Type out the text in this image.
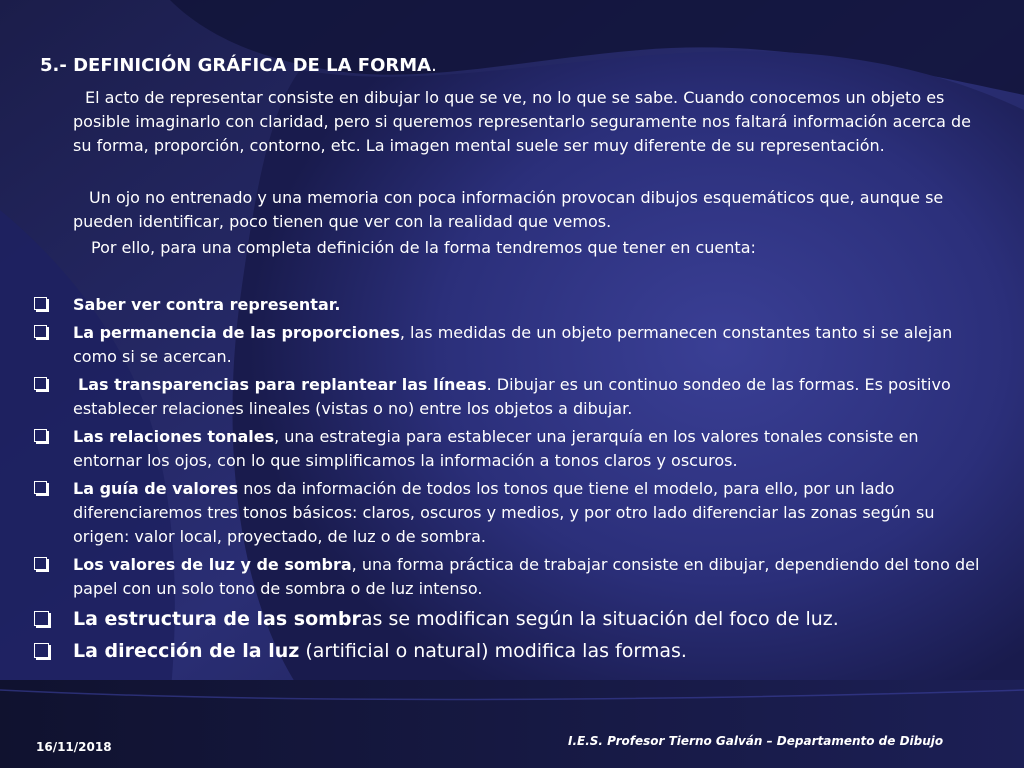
5.- DEFINICIÓN GRÁFICA DE LA FORMA.
El acto de representar consiste en dibujar lo que se ve, no lo que se sabe. Cuando conocemos un objeto es posible imaginarlo con claridad, pero si queremos representarlo seguramente nos faltará información acerca de su forma, proporción, contorno, etc. La imagen mental suele ser muy diferente de su representación.
Un ojo no entrenado y una memoria con poca información provocan dibujos esquemáticos que, aunque se pueden identificar, poco tienen que ver con la realidad que vemos.
Por ello, para una completa definición de la forma tendremos que tener en cuenta:
Saber ver contra representar.
La permanencia de las proporciones, las medidas de un objeto permanecen constantes tanto si se alejan como si se acercan.
Las transparencias para replantear las líneas. Dibujar es un continuo sondeo de las formas. Es positivo establecer relaciones lineales (vistas o no) entre los objetos a dibujar.
Las relaciones tonales, una estrategia para establecer una jerarquía en los valores tonales consiste en entornar los ojos, con lo que simplificamos la información a tonos claros y oscuros.
La guía de valores nos da información de todos los tonos que tiene el modelo, para ello, por un lado diferenciaremos tres tonos básicos: claros, oscuros y medios, y por otro lado diferenciar las zonas según su origen: valor local, proyectado, de luz o de sombra.
Los valores de luz y de sombra, una forma práctica de trabajar consiste en dibujar, dependiendo del tono del papel con un solo tono de sombra o de luz intenso.
La estructura de las sombras se modifican según la situación del foco de luz.
La dirección de la luz (artificial o natural) modifica las formas.
16/11/2018	I.E.S. Profesor Tierno Galván – Departamento de Dibujo
